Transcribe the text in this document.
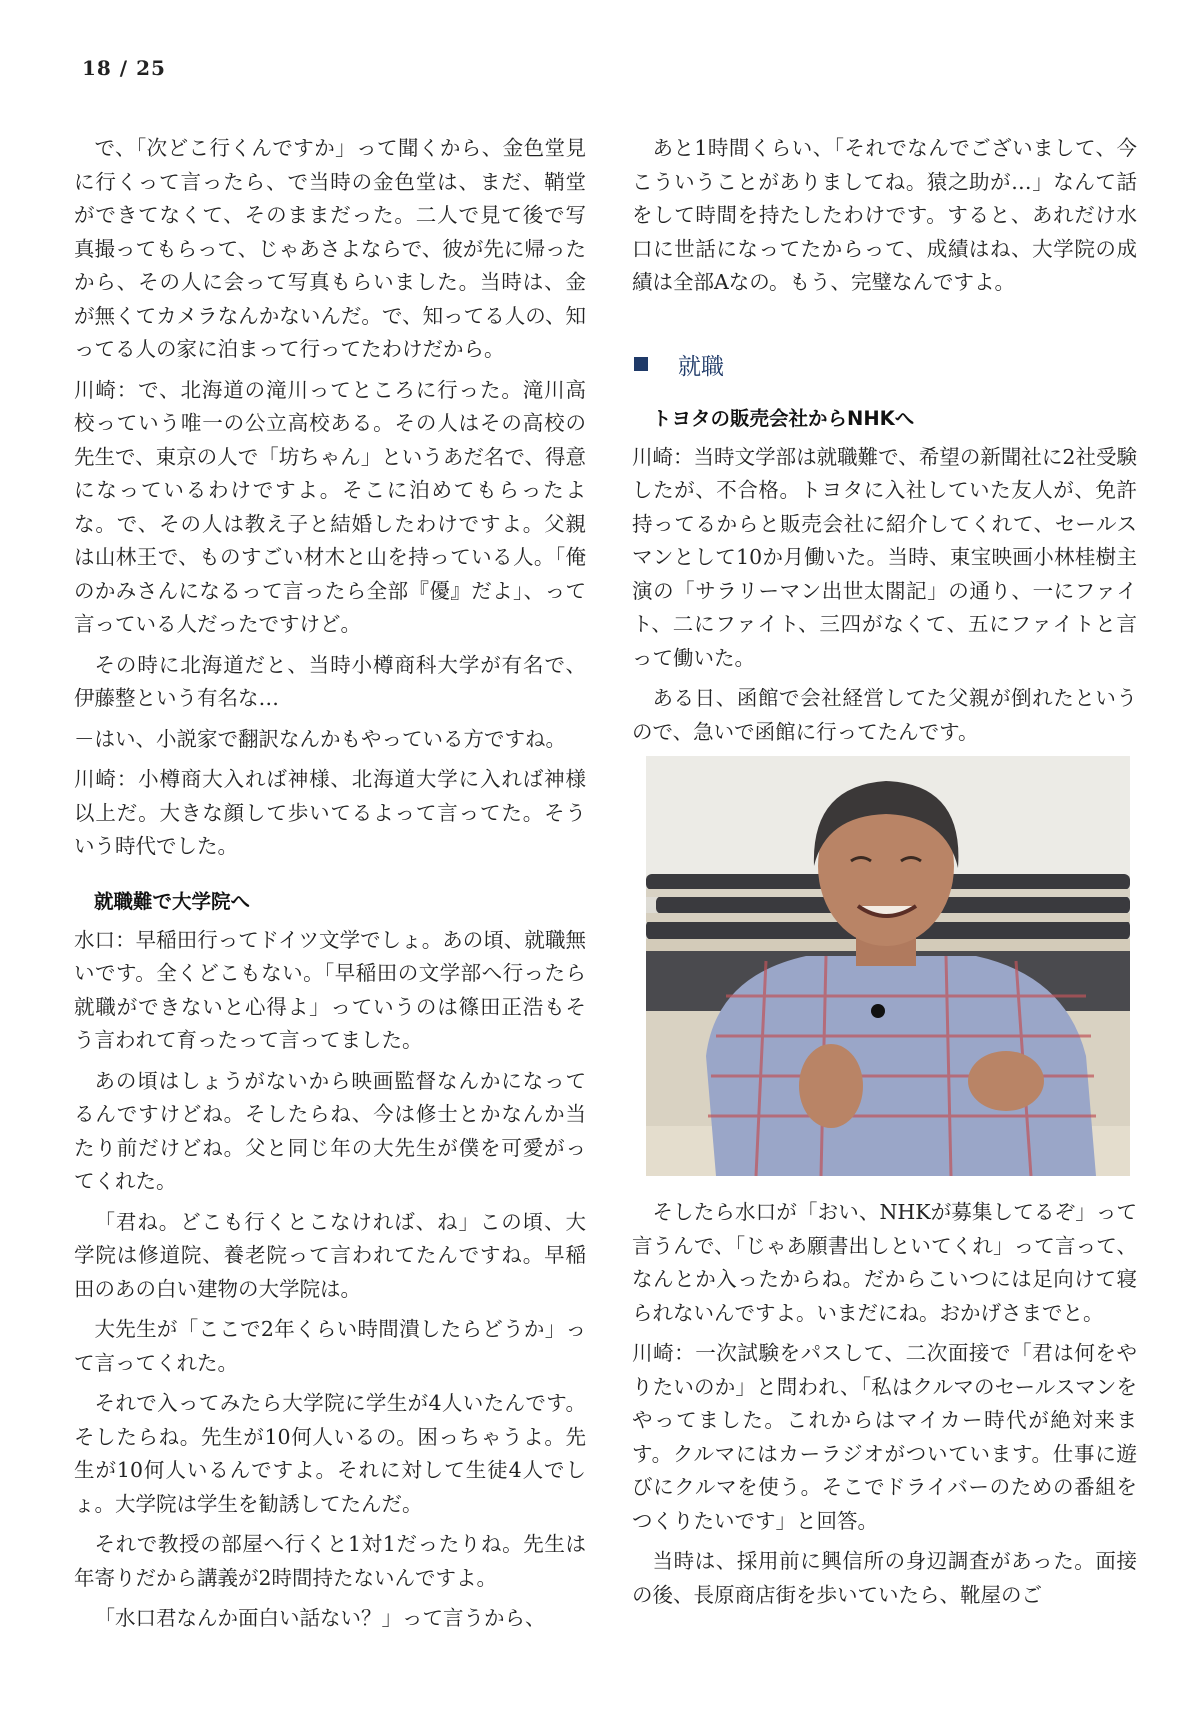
18 / 25

で、「次どこ行くんですか」って聞くから、金色堂見に行くって言ったら、で当時の金色堂は、まだ、鞘堂ができてなくて、そのままだった。二人で見て後で写真撮ってもらって、じゃあさよならで、彼が先に帰ったから、その人に会って写真もらいました。当時は、金が無くてカメラなんかないんだ。で、知ってる人の、知ってる人の家に泊まって行ってたわけだから。

川崎：で、北海道の滝川ってところに行った。滝川高校っていう唯一の公立高校ある。その人はその高校の先生で、東京の人で「坊ちゃん」というあだ名で、得意になっているわけですよ。そこに泊めてもらったよな。で、その人は教え子と結婚したわけですよ。父親は山林王で、ものすごい材木と山を持っている人。「俺のかみさんになるって言ったら全部『優』だよ」、って言っている人だったですけど。

その時に北海道だと、当時小樽商科大学が有名で、伊藤整という有名な…

－はい、小説家で翻訳なんかもやっている方ですね。

川崎：小樽商大入れば神様、北海道大学に入れば神様以上だ。大きな顔して歩いてるよって言ってた。そういう時代でした。

就職難で大学院へ

水口：早稲田行ってドイツ文学でしょ。あの頃、就職無いです。全くどこもない。「早稲田の文学部へ行ったら就職ができないと心得よ」っていうのは篠田正浩もそう言われて育ったって言ってました。

あの頃はしょうがないから映画監督なんかになってるんですけどね。そしたらね、今は修士とかなんか当たり前だけどね。父と同じ年の大先生が僕を可愛がってくれた。

「君ね。どこも行くとこなければ、ね」この頃、大学院は修道院、養老院って言われてたんですね。早稲田のあの白い建物の大学院は。

大先生が「ここで2年くらい時間潰したらどうか」って言ってくれた。

それで入ってみたら大学院に学生が4人いたんです。そしたらね。先生が10何人いるの。困っちゃうよ。先生が10何人いるんですよ。それに対して生徒4人でしょ。大学院は学生を勧誘してたんだ。

それで教授の部屋へ行くと1対1だったりね。先生は年寄りだから講義が2時間持たないんですよ。

「水口君なんか面白い話ない？」って言うから、

あと1時間くらい、「それでなんでございまして、今こういうことがありましてね。猿之助が…」なんて話をして時間を持たしたわけです。すると、あれだけ水口に世話になってたからって、成績はね、大学院の成績は全部Aなの。もう、完璧なんですよ。

就職
トヨタの販売会社からNHKへ

川崎：当時文学部は就職難で、希望の新聞社に2社受験したが、不合格。トヨタに入社していた友人が、免許持ってるからと販売会社に紹介してくれて、セールスマンとして10か月働いた。当時、東宝映画小林桂樹主演の「サラリーマン出世太閤記」の通り、一にファイト、二にファイト、三四がなくて、五にファイトと言って働いた。

ある日、函館で会社経営してた父親が倒れたというので、急いで函館に行ってたんです。

そしたら水口が「おい、NHKが募集してるぞ」って言うんで、「じゃあ願書出しといてくれ」って言って、なんとか入ったからね。だからこいつには足向けて寝られないんですよ。いまだにね。おかげさまでと。

川崎：一次試験をパスして、二次面接で「君は何をやりたいのか」と問われ、「私はクルマのセールスマンをやってました。これからはマイカー時代が絶対来ます。クルマにはカーラジオがついています。仕事に遊びにクルマを使う。そこでドライバーのための番組をつくりたいです」と回答。

当時は、採用前に興信所の身辺調査があった。面接の後、長原商店街を歩いていたら、靴屋のご
